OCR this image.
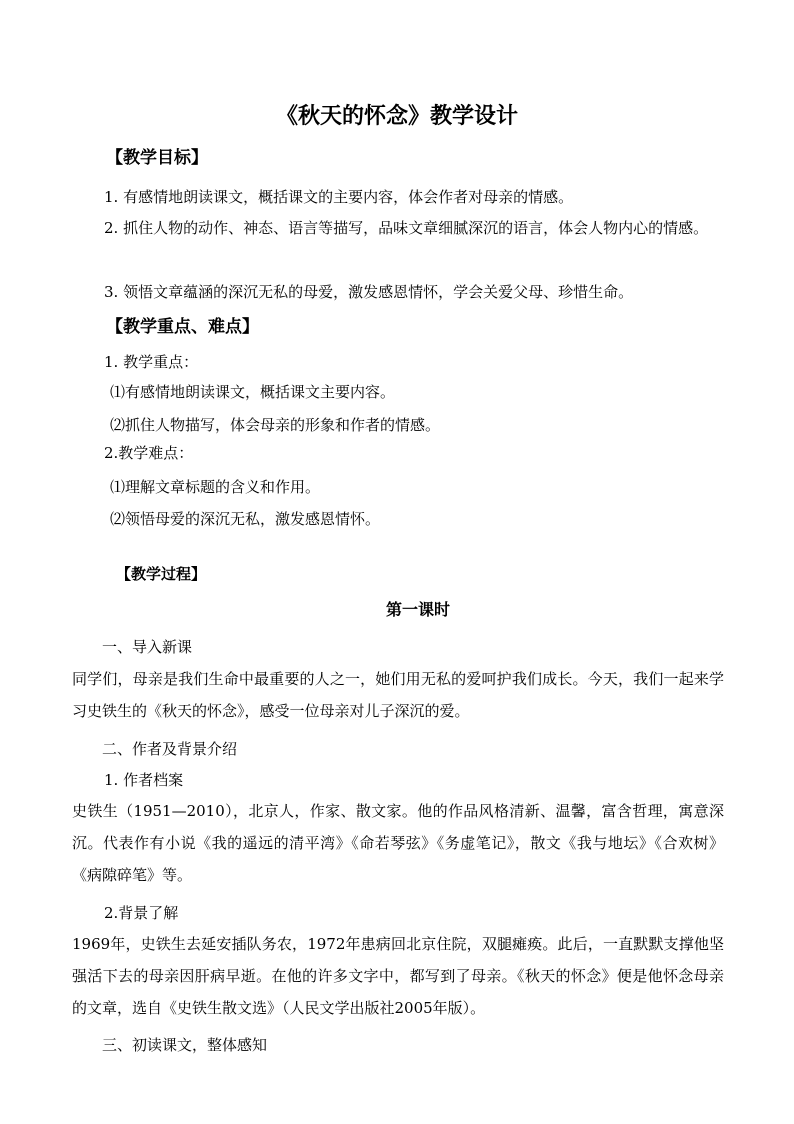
《秋天的怀念》教学设计
【教学目标】
1. 有感情地朗读课文，概括课文的主要内容，体会作者对母亲的情感。
2. 抓住人物的动作、神态、语言等描写，品味文章细腻深沉的语言，体会人物内心的情感。
3. 领悟文章蕴涵的深沉无私的母爱，激发感恩情怀，学会关爱父母、珍惜生命。
【教学重点、难点】
1. 教学重点：
⑴有感情地朗读课文，概括课文主要内容。
⑵抓住人物描写，体会母亲的形象和作者的情感。
2.教学难点：
⑴理解文章标题的含义和作用。
⑵领悟母爱的深沉无私，激发感恩情怀。
【教学过程】
第一课时
一、导入新课
同学们，母亲是我们生命中最重要的人之一，她们用无私的爱呵护我们成长。今天，我们一起来学习史铁生的《秋天的怀念》，感受一位母亲对儿子深沉的爱。
二、作者及背景介绍
1. 作者档案
史铁生（1951—2010），北京人，作家、散文家。他的作品风格清新、温馨，富含哲理，寓意深沉。代表作有小说《我的遥远的清平湾》《命若琴弦》《务虚笔记》，散文《我与地坛》《合欢树》《病隙碎笔》等。
2.背景了解
1969年，史铁生去延安插队务农，1972年患病回北京住院，双腿瘫痪。此后，一直默默支撑他坚强活下去的母亲因肝病早逝。在他的许多文字中，都写到了母亲。《秋天的怀念》便是他怀念母亲的文章，选自《史铁生散文选》（人民文学出版社2005年版）。
三、初读课文，整体感知
